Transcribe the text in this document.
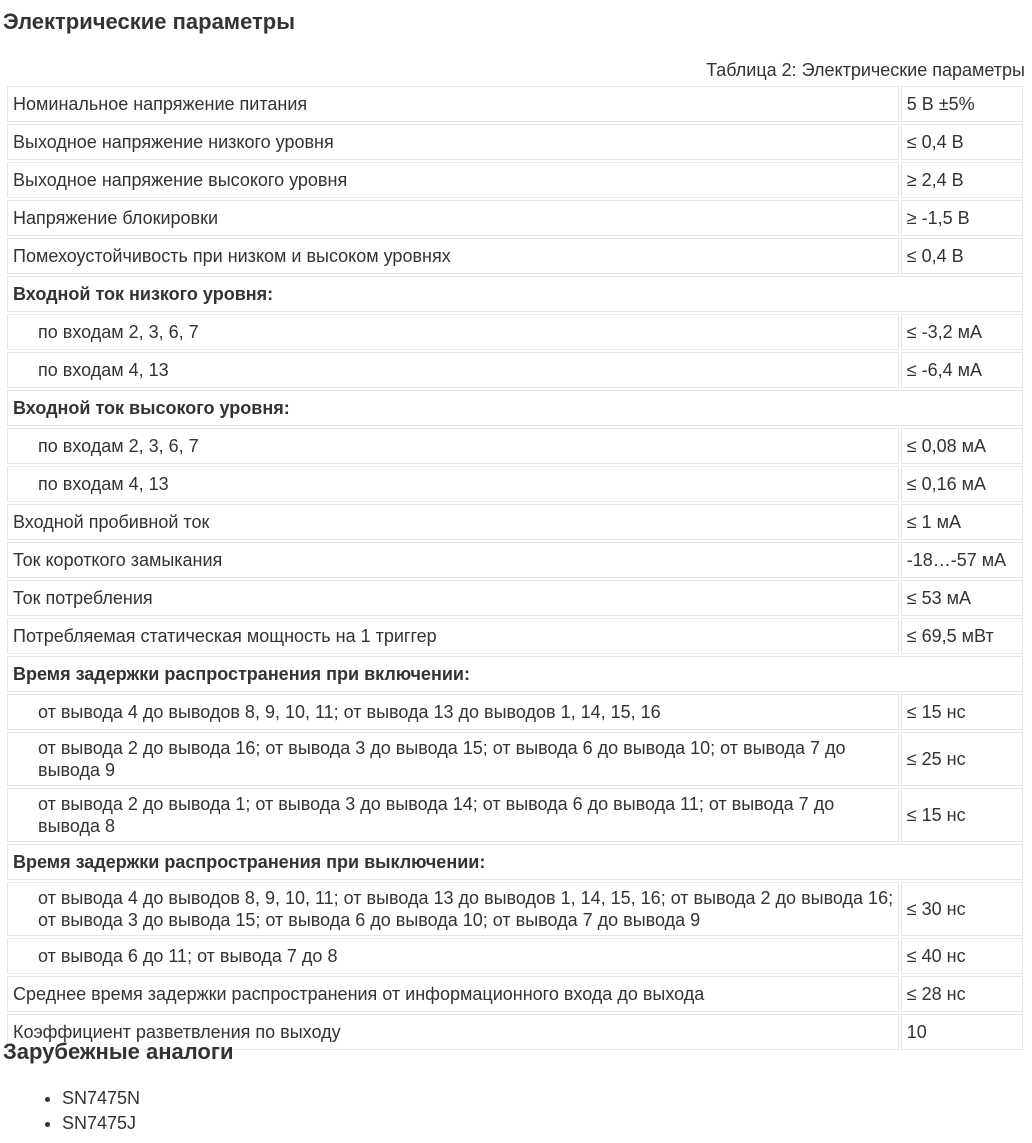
Электрические параметры
Таблица 2: Электрические параметры
Номинальное напряжение питания	5 В ±5%
Выходное напряжение низкого уровня	≤ 0,4 В
Выходное напряжение высокого уровня	≥ 2,4 В
Напряжение блокировки	≥ -1,5 В
Помехоустойчивость при низком и высоком уровнях	≤ 0,4 В
Входной ток низкого уровня:	
по входам 2, 3, 6, 7	≤ -3,2 мА
по входам 4, 13	≤ -6,4 мА
Входной ток высокого уровня:	
по входам 2, 3, 6, 7	≤ 0,08 мА
по входам 4, 13	≤ 0,16 мА
Входной пробивной ток	≤ 1 мА
Ток короткого замыкания	-18…-57 мА
Ток потребления	≤ 53 мА
Потребляемая статическая мощность на 1 триггер	≤ 69,5 мВт
Время задержки распространения при включении:	
от вывода 4 до выводов 8, 9, 10, 11; от вывода 13 до выводов 1, 14, 15, 16	≤ 15 нс
от вывода 2 до вывода 16; от вывода 3 до вывода 15; от вывода 6 до вывода 10; от вывода 7 до вывода 9	≤ 25 нс
от вывода 2 до вывода 1; от вывода 3 до вывода 14; от вывода 6 до вывода 11; от вывода 7 до вывода 8	≤ 15 нс
Время задержки распространения при выключении:	
от вывода 4 до выводов 8, 9, 10, 11; от вывода 13 до выводов 1, 14, 15, 16; от вывода 2 до вывода 16; от вывода 3 до вывода 15; от вывода 6 до вывода 10; от вывода 7 до вывода 9	≤ 30 нс
от вывода 6 до 11; от вывода 7 до 8	≤ 40 нс
Среднее время задержки распространения от информационного входа до выхода	≤ 28 нс
Коэффициент разветвления по выходу	10
Зарубежные аналоги
• SN7475N
• SN7475J
